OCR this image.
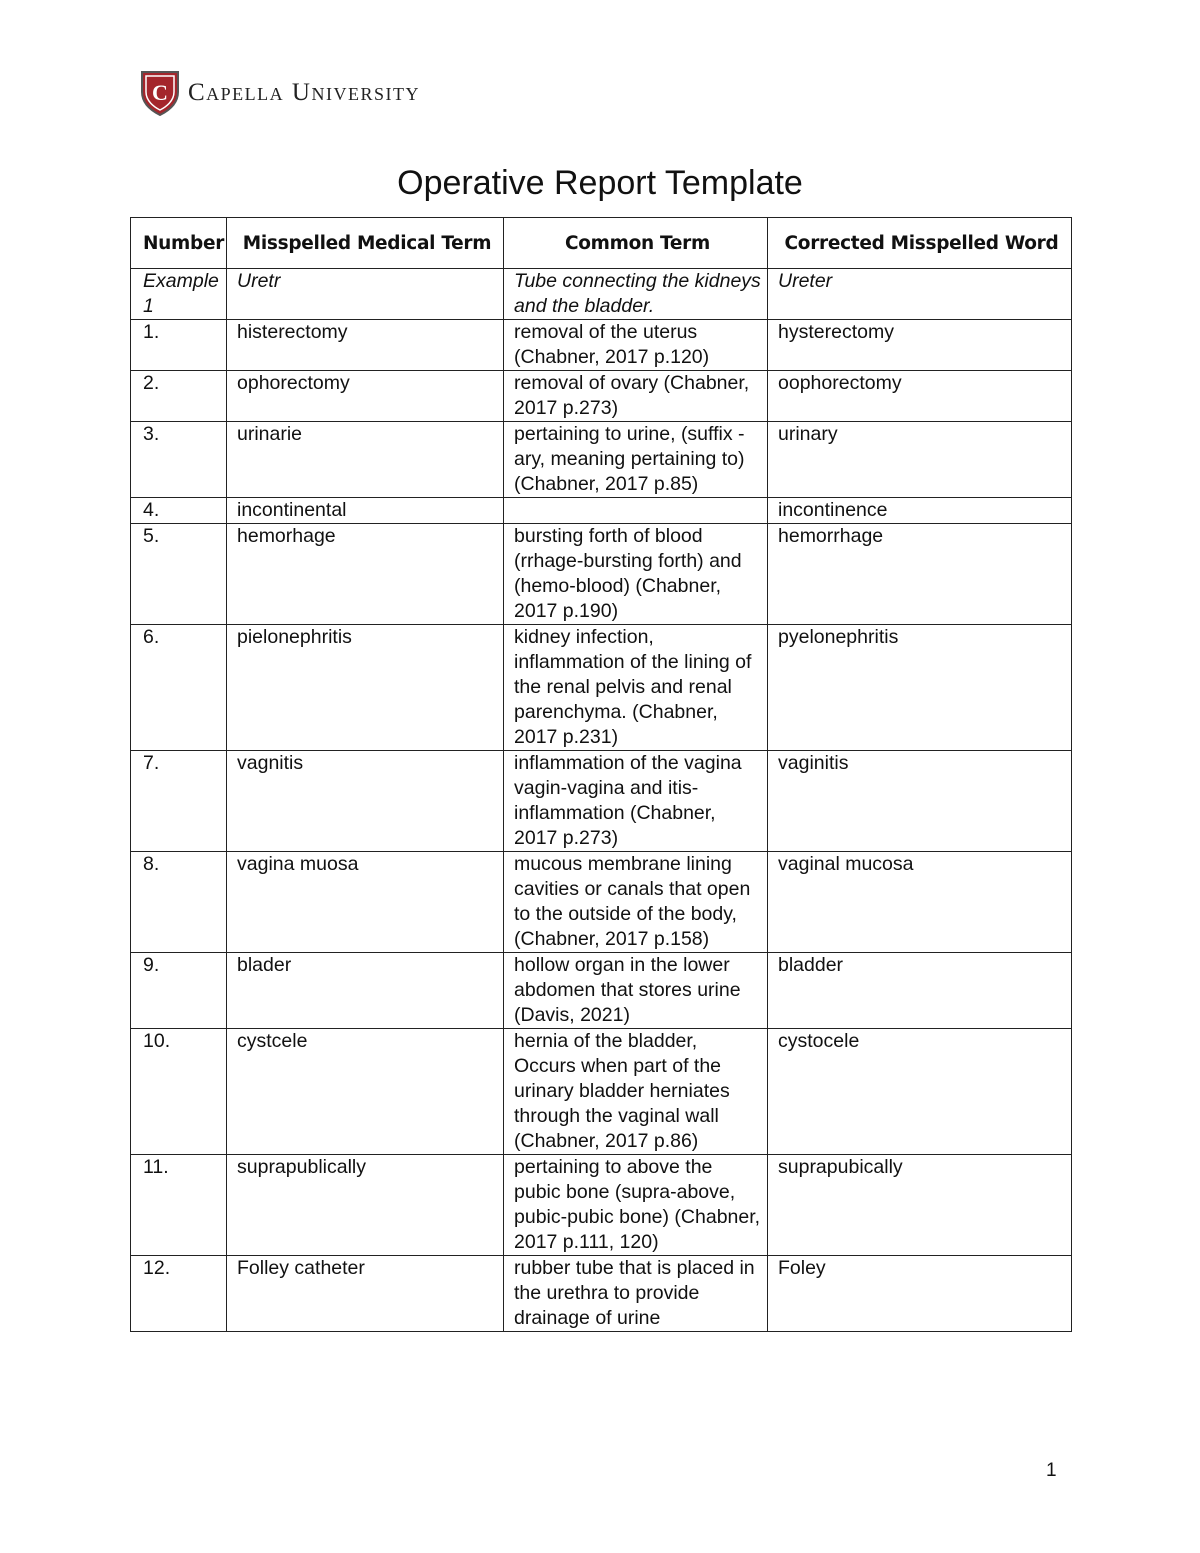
C Capella University
Operative Report Template
Number	Misspelled Medical Term	Common Term	Corrected Misspelled Word
Example 1	Uretr	Tube connecting the kidneys and the bladder.	Ureter
1.	histerectomy	removal of the uterus (Chabner, 2017 p.120)	hysterectomy
2.	ophorectomy	removal of ovary (Chabner, 2017 p.273)	oophorectomy
3.	urinarie	pertaining to urine, (suffix -ary, meaning pertaining to) (Chabner, 2017 p.85)	urinary
4.	incontinental		incontinence
5.	hemorhage	bursting forth of blood (rrhage-bursting forth) and (hemo-blood) (Chabner, 2017 p.190)	hemorrhage
6.	pielonephritis	kidney infection, inflammation of the lining of the renal pelvis and renal parenchyma. (Chabner, 2017 p.231)	pyelonephritis
7.	vagnitis	inflammation of the vagina vagin-vagina and itis-inflammation (Chabner, 2017 p.273)	vaginitis
8.	vagina muosa	mucous membrane lining cavities or canals that open to the outside of the body, (Chabner, 2017 p.158)	vaginal mucosa
9.	blader	hollow organ in the lower abdomen that stores urine (Davis, 2021)	bladder
10.	cystcele	hernia of the bladder, Occurs when part of the urinary bladder herniates through the vaginal wall (Chabner, 2017 p.86)	cystocele
11.	suprapublically	pertaining to above the pubic bone (supra-above, pubic-pubic bone) (Chabner, 2017 p.111, 120)	suprapubically
12.	Folley catheter	rubber tube that is placed in the urethra to provide drainage of urine	Foley
1
